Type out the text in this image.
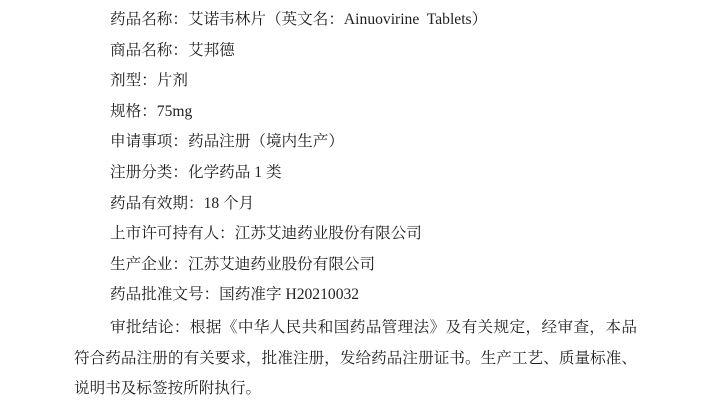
药品名称：艾诺韦林片（英文名：Ainuovirine  Tablets）

商品名称：艾邦德

剂型：片剂

规格：75mg

申请事项：药品注册（境内生产）

注册分类：化学药品 1 类

药品有效期：18 个月

上市许可持有人：江苏艾迪药业股份有限公司

生产企业：江苏艾迪药业股份有限公司

药品批准文号：国药准字 H20210032

审批结论：根据《中华人民共和国药品管理法》及有关规定，经审查，本品符合药品注册的有关要求，批准注册，发给药品注册证书。生产工艺、质量标准、说明书及标签按所附执行。
